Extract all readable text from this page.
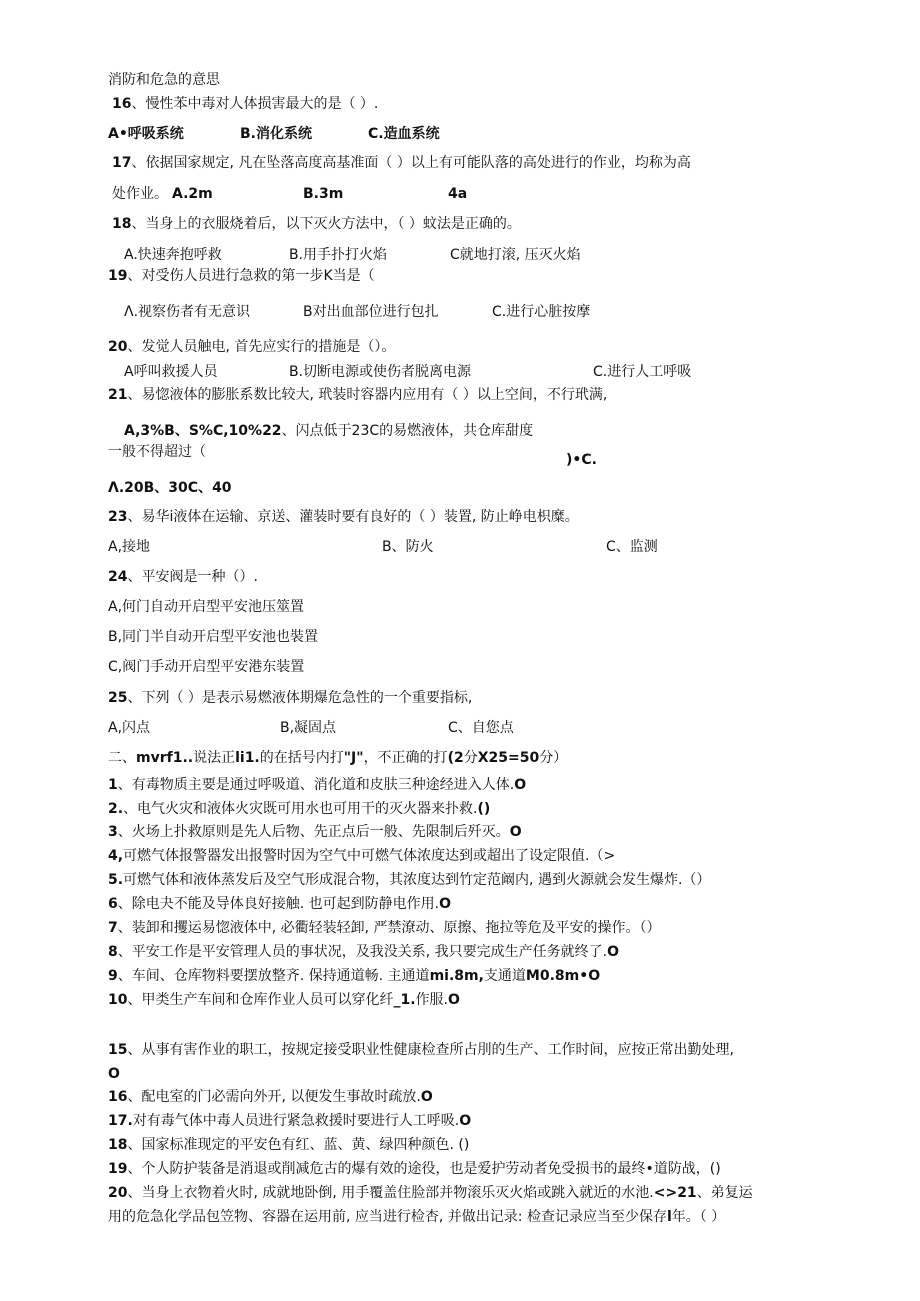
消防和危急的意思
16、慢性苯中毒对人体损害最大的是（ ）.
A•呼吸系统	B.消化系统	C.造血系统
17、依据国家规定, 凡在坠落高度高基准面（ ）以上有可能队落的高处进行的作业，均称为高
处作业。 A.2m	B.3m	4a
18、当身上的衣服烧着后，以下灭火方法中，（ ）蚊法是正确的。
A.快速奔抱呼救	B.用手扑打火焰	C就地打滚, 压灭火焰
19、对受伤人员进行急救的第一步K当是（
Λ.视察伤者有无意识	B对出血部位进行包扎	C.进行心脏按摩
20、发觉人员触电, 首先应实行的措施是（）。
A呼叫救援人员	B.切断电源或使伤者脱离电源	C.进行人工呼吸
21、易惚液体的膨胀系数比较大, 玳装时容器内应用有（ ）以上空间，不行玳满,
A,3%B、S%C,10%22、闪点低于23C的易燃液体，共仓库甜度
一般不得超过（	)•C.
Λ.20B、30C、40
23、易华i液体在运输、京送、灌装时要有良好的（ ）装置, 防止峥电枳糜。
A,接地	B、防火	C、监测
24、平安阀是一种（）.
A,何门自动开启型平安池压筮置
B,同门半自动开启型平安池也裝置
C,阀门手动开启型平安港东装置
25、下列（ ）是表示易燃液体期爆危急性的一个重要指标,
A,闪点	B,凝固点	C、自您点
二、mvrf1..说法正li1.的在括号内打"J"，不正确的打(2分X25=50分）
1、有毒物质主要是通过呼吸道、消化道和皮肤三种途经进入人体.O
2.、电气火灾和液体火灾既可用水也可用干的灭火器来扑救.()
3、火场上扑救原则是先人后物、先正点后一般、先限制后歼灭。O
4,可燃气体报警器发出报警时因为空气中可燃气体浓度达到或超出了设定限值.（>
5.可燃气体和液体蒸发后及空气形成混合物，其浓度达到竹定范阚内, 遇到火源就会发生爆炸.（）
6、除电夬不能及导体良好接触. 也可起到防静电作用.O
7、装卸和攫运易惚液体中, 必衢轻装轻卸, 严禁潦动、原擦、拖拉等危及平安的操作。（）
8、平安工作是平安管理人员的事状况，及我没关系, 我只要完成生产任务就终了.O
9、车间、仓库物料要摆放整齐. 保持通道畅. 主通道mi.8m,支通道M0.8m•O
10、甲类生产车间和仓库作业人员可以穿化纤_1.作服.O
15、从事有害作业的职工，按规定接受职业性健康检查所占刖的生产、工作时间，应按正常出勤处理,
O
16、配电室的门必需向外开, 以便发生事故时疏放.O
17.对有毒气体中毒人员进行紧急救援时要进行人工呼吸.O
18、国家标准现定的平安色有红、蓝、黄、绿四种颜色. ()
19、个人防护装备是消退或削减危古的爆有效的途役，也是爱护劳动者免受损书的最终•道防战，()
20、当身上衣物着火时, 成就地卧倒, 用手覆盖住脸部并物滚乐灭火焰或跳入就近的水池.<>21、弟复运
用的危急化学品包笠物、容器在运用前, 应当进行检杏, 并做出记录: 检查记录应当至少保存l年。（ ）
